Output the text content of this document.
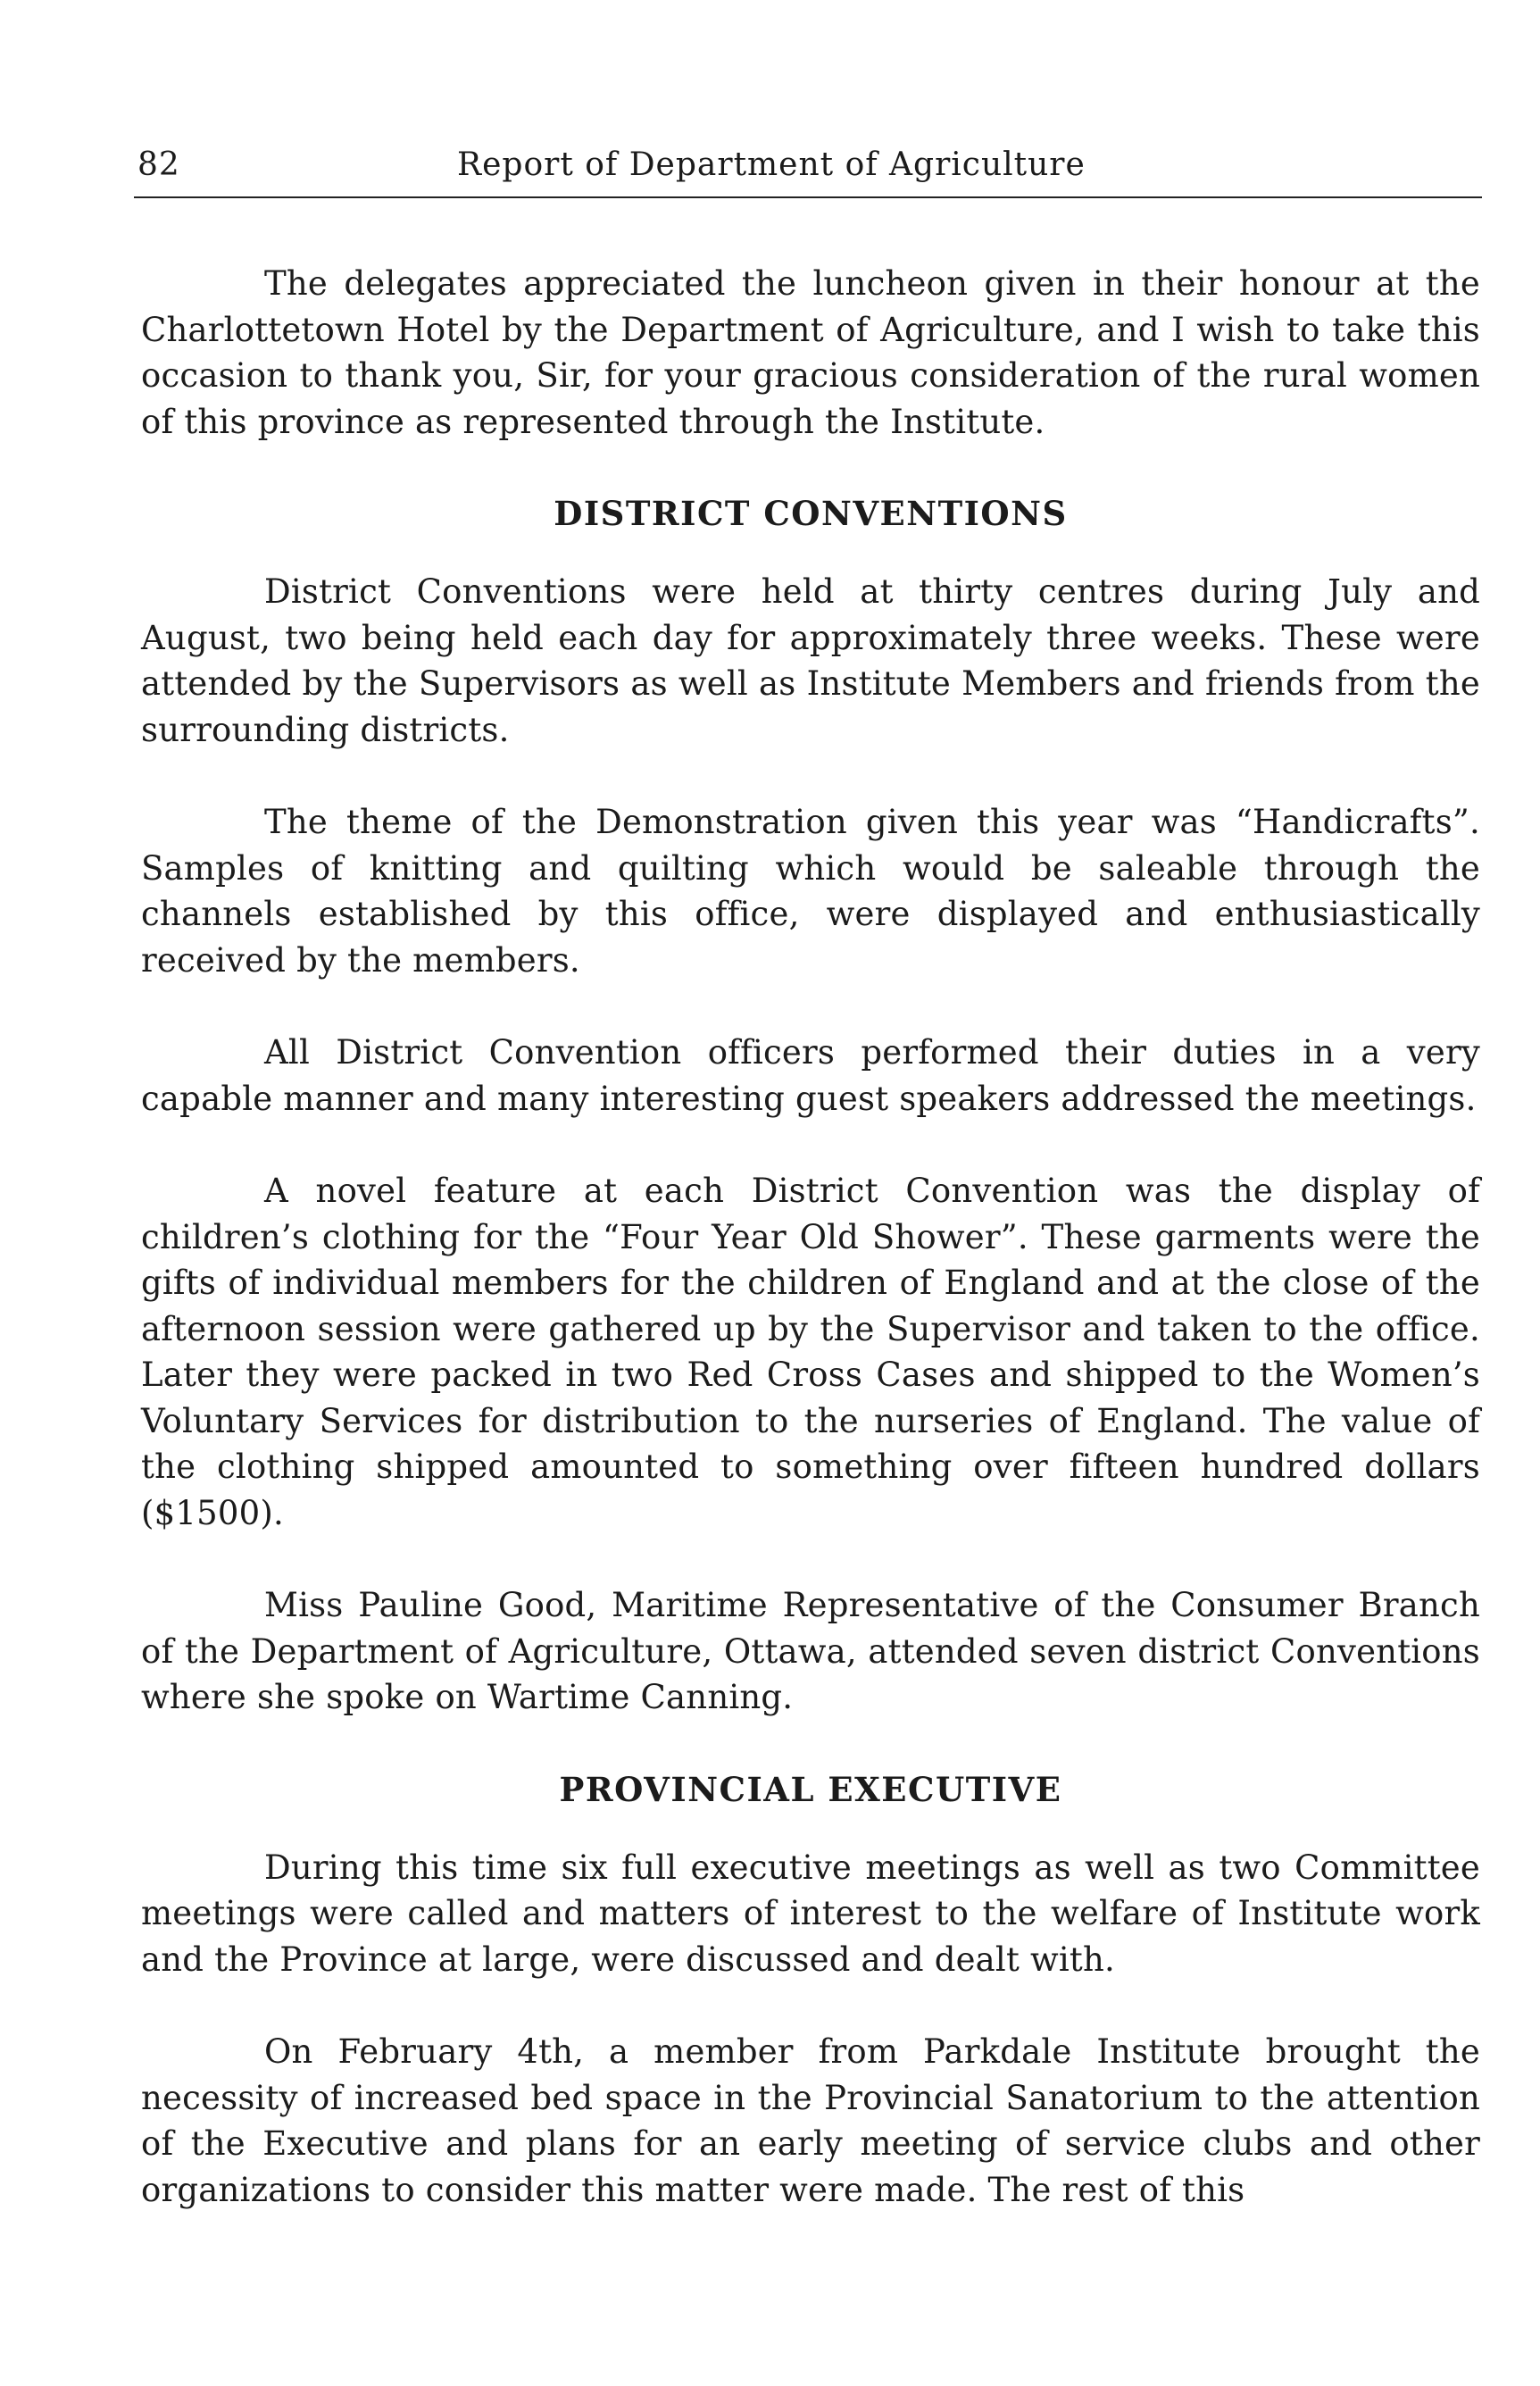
82	Report of Department of Agriculture

The delegates appreciated the luncheon given in their honour at the Charlottetown Hotel by the Department of Agriculture, and I wish to take this occasion to thank you, Sir, for your gracious consideration of the rural women of this province as represented through the Institute.

DISTRICT CONVENTIONS

District Conventions were held at thirty centres during July and August, two being held each day for approximately three weeks. These were attended by the Supervisors as well as Institute Members and friends from the surrounding districts.

The theme of the Demonstration given this year was “Handicrafts”. Samples of knitting and quilting which would be saleable through the channels established by this office, were displayed and enthusiastically received by the members.

All District Convention officers performed their duties in a very capable manner and many interesting guest speakers addressed the meetings.

A novel feature at each District Convention was the display of children’s clothing for the “Four Year Old Shower”. These garments were the gifts of individual members for the children of England and at the close of the afternoon session were gathered up by the Supervisor and taken to the office. Later they were packed in two Red Cross Cases and shipped to the Women’s Voluntary Services for distribution to the nurseries of England. The value of the clothing shipped amounted to something over fifteen hundred dollars ($1500).

Miss Pauline Good, Maritime Representative of the Consumer Branch of the Department of Agriculture, Ottawa, attended seven district Conventions where she spoke on Wartime Canning.

PROVINCIAL EXECUTIVE

During this time six full executive meetings as well as two Committee meetings were called and matters of interest to the welfare of Institute work and the Province at large, were discussed and dealt with.

On February 4th, a member from Parkdale Institute brought the necessity of increased bed space in the Provincial Sanatorium to the attention of the Executive and plans for an early meeting of service clubs and other organizations to consider this matter were made. The rest of this
